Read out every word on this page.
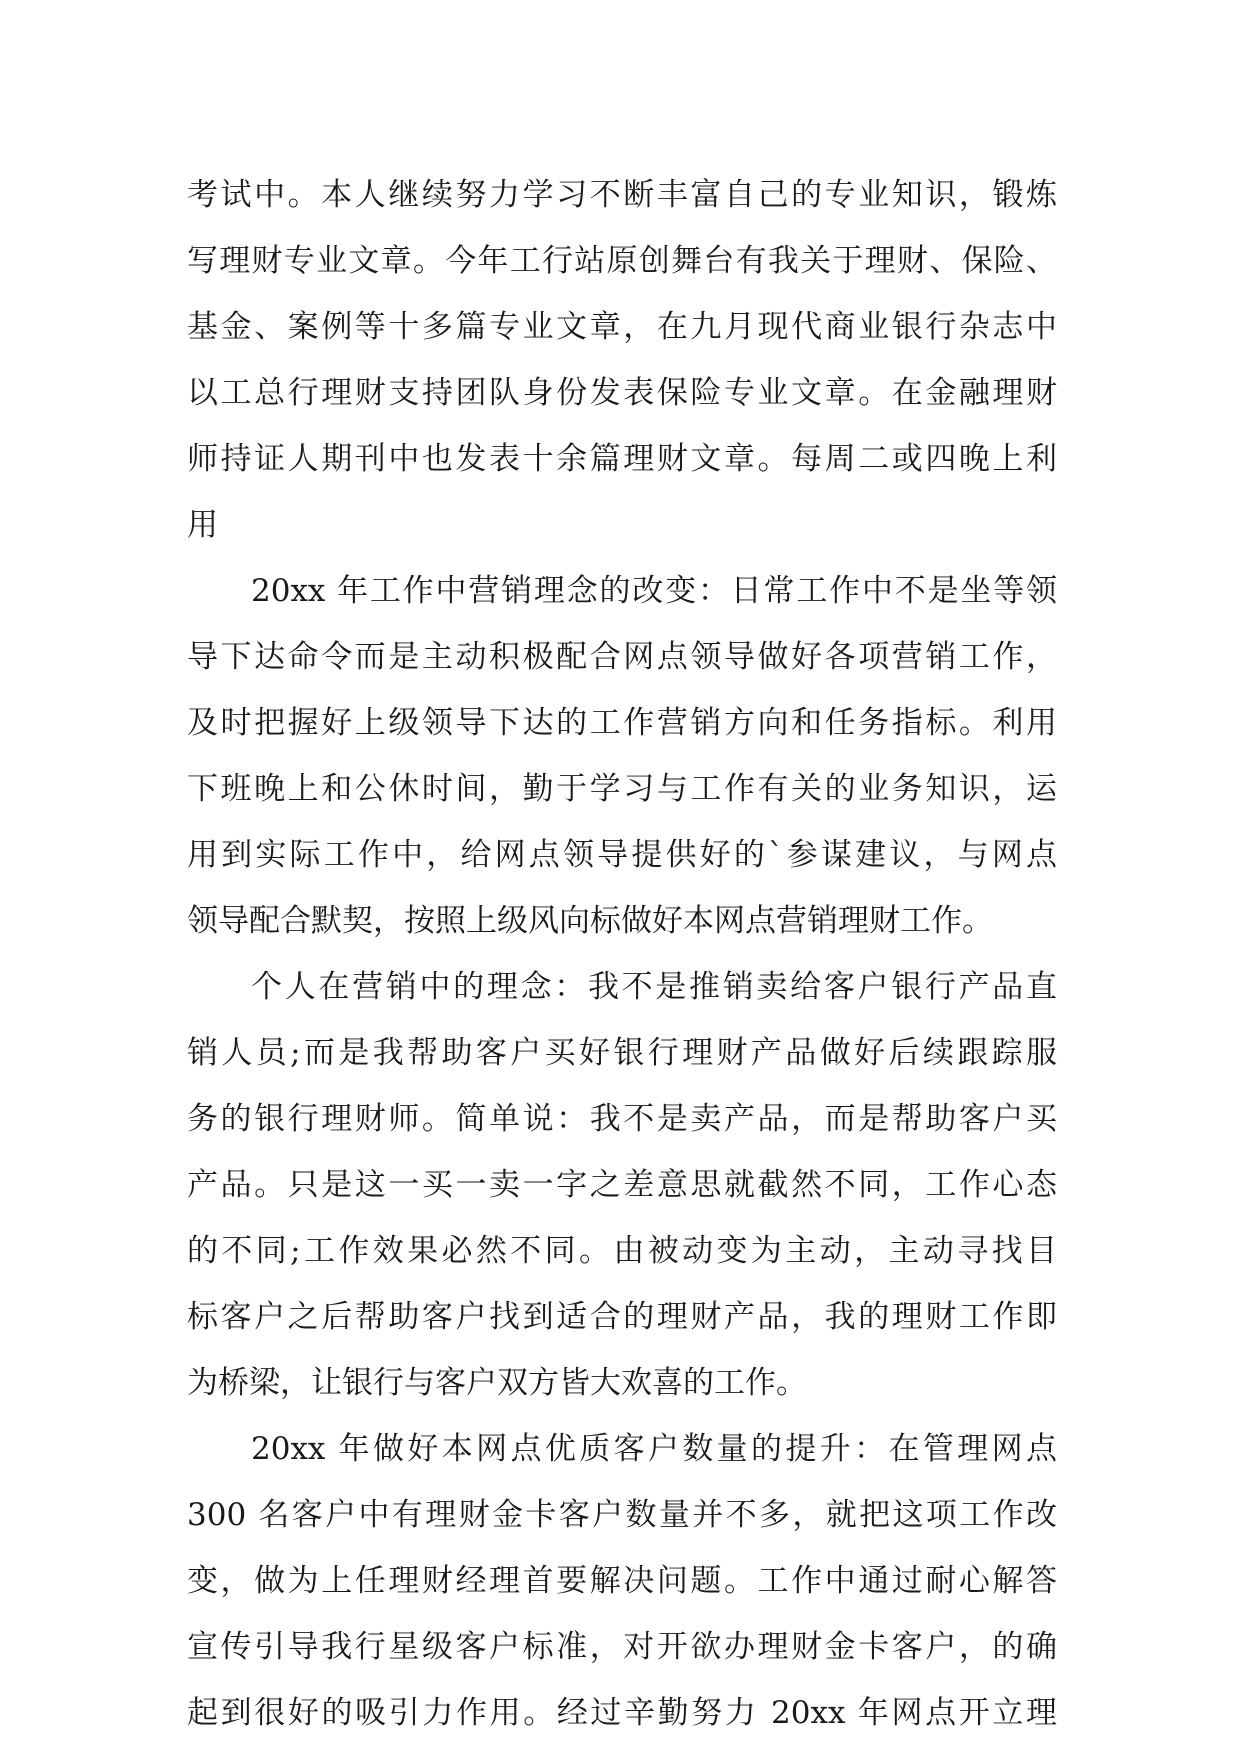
考试中。本人继续努力学习不断丰富自己的专业知识，锻炼
写理财专业文章。今年工行站原创舞台有我关于理财、保险、
基金、案例等十多篇专业文章，在九月现代商业银行杂志中
以工总行理财支持团队身份发表保险专业文章。在金融理财
师持证人期刊中也发表十余篇理财文章。每周二或四晚上利
用
20xx 年工作中营销理念的改变：日常工作中不是坐等领
导下达命令而是主动积极配合网点领导做好各项营销工作，
及时把握好上级领导下达的工作营销方向和任务指标。利用
下班晚上和公休时间，勤于学习与工作有关的业务知识，运
用到实际工作中，给网点领导提供好的`参谋建议，与网点
领导配合默契，按照上级风向标做好本网点营销理财工作。
个人在营销中的理念：我不是推销卖给客户银行产品直
销人员;而是我帮助客户买好银行理财产品做好后续跟踪服
务的银行理财师。简单说：我不是卖产品，而是帮助客户买
产品。只是这一买一卖一字之差意思就截然不同，工作心态
的不同;工作效果必然不同。由被动变为主动，主动寻找目
标客户之后帮助客户找到适合的理财产品，我的理财工作即
为桥梁，让银行与客户双方皆大欢喜的工作。
20xx 年做好本网点优质客户数量的提升：在管理网点
300 名客户中有理财金卡客户数量并不多，就把这项工作改
变，做为上任理财经理首要解决问题。工作中通过耐心解答
宣传引导我行星级客户标准，对开欲办理财金卡客户，的确
起到很好的吸引力作用。经过辛勤努力 20xx 年网点开立理
